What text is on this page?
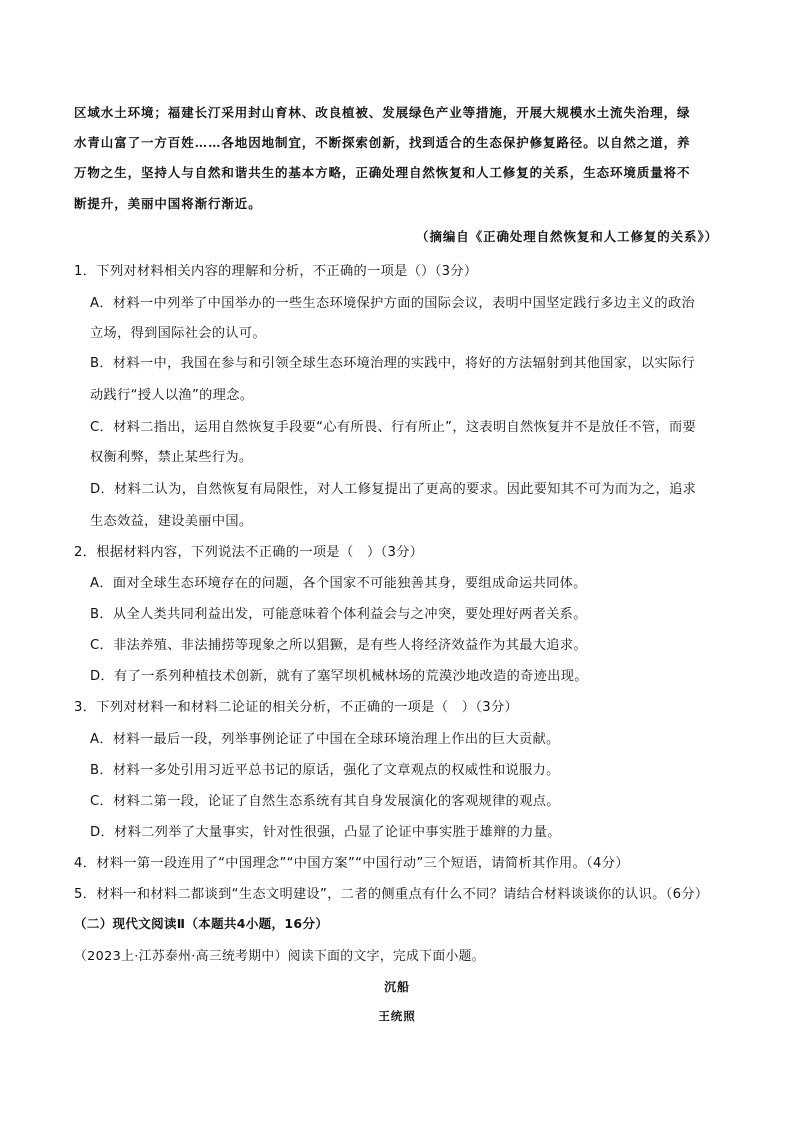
区域水土环境；福建长汀采用封山育林、改良植被、发展绿色产业等措施，开展大规模水土流失治理，绿
水青山富了一方百姓……各地因地制宜，不断探索创新，找到适合的生态保护修复路径。以自然之道，养
万物之生，坚持人与自然和谐共生的基本方略，正确处理自然恢复和人工修复的关系，生态环境质量将不
断提升，美丽中国将渐行渐近。
（摘编自《正确处理自然恢复和人工修复的关系》）
1．下列对材料相关内容的理解和分析，不正确的一项是（）（3分）
A．材料一中列举了中国举办的一些生态环境保护方面的国际会议，表明中国坚定践行多边主义的政治
立场，得到国际社会的认可。
B．材料一中，我国在参与和引领全球生态环境治理的实践中，将好的方法辐射到其他国家，以实际行
动践行“授人以渔”的理念。
C．材料二指出，运用自然恢复手段要“心有所畏、行有所止”，这表明自然恢复并不是放任不管，而要
权衡利弊，禁止某些行为。
D．材料二认为，自然恢复有局限性，对人工修复提出了更高的要求。因此要知其不可为而为之，追求
生态效益，建设美丽中国。
2．根据材料内容，下列说法不正确的一项是（　）（3分）
A．面对全球生态环境存在的问题，各个国家不可能独善其身，要组成命运共同体。
B．从全人类共同利益出发，可能意味着个体利益会与之冲突，要处理好两者关系。
C．非法养殖、非法捕捞等现象之所以猖獗，是有些人将经济效益作为其最大追求。
D．有了一系列种植技术创新，就有了塞罕坝机械林场的荒漠沙地改造的奇迹出现。
3．下列对材料一和材料二论证的相关分析，不正确的一项是（　）（3分）
A．材料一最后一段，列举事例论证了中国在全球环境治理上作出的巨大贡献。
B．材料一多处引用习近平总书记的原话，强化了文章观点的权威性和说服力。
C．材料二第一段，论证了自然生态系统有其自身发展演化的客观规律的观点。
D．材料二列举了大量事实，针对性很强，凸显了论证中事实胜于雄辩的力量。
4．材料一第一段连用了“中国理念”“中国方案”“中国行动”三个短语，请简析其作用。（4分）
5．材料一和材料二都谈到“生态文明建设”，二者的侧重点有什么不同？请结合材料谈谈你的认识。（6分）
（二）现代文阅读Ⅱ（本题共4小题，16分）
（2023上·江苏泰州·高三统考期中）阅读下面的文字，完成下面小题。
沉船
王统照
